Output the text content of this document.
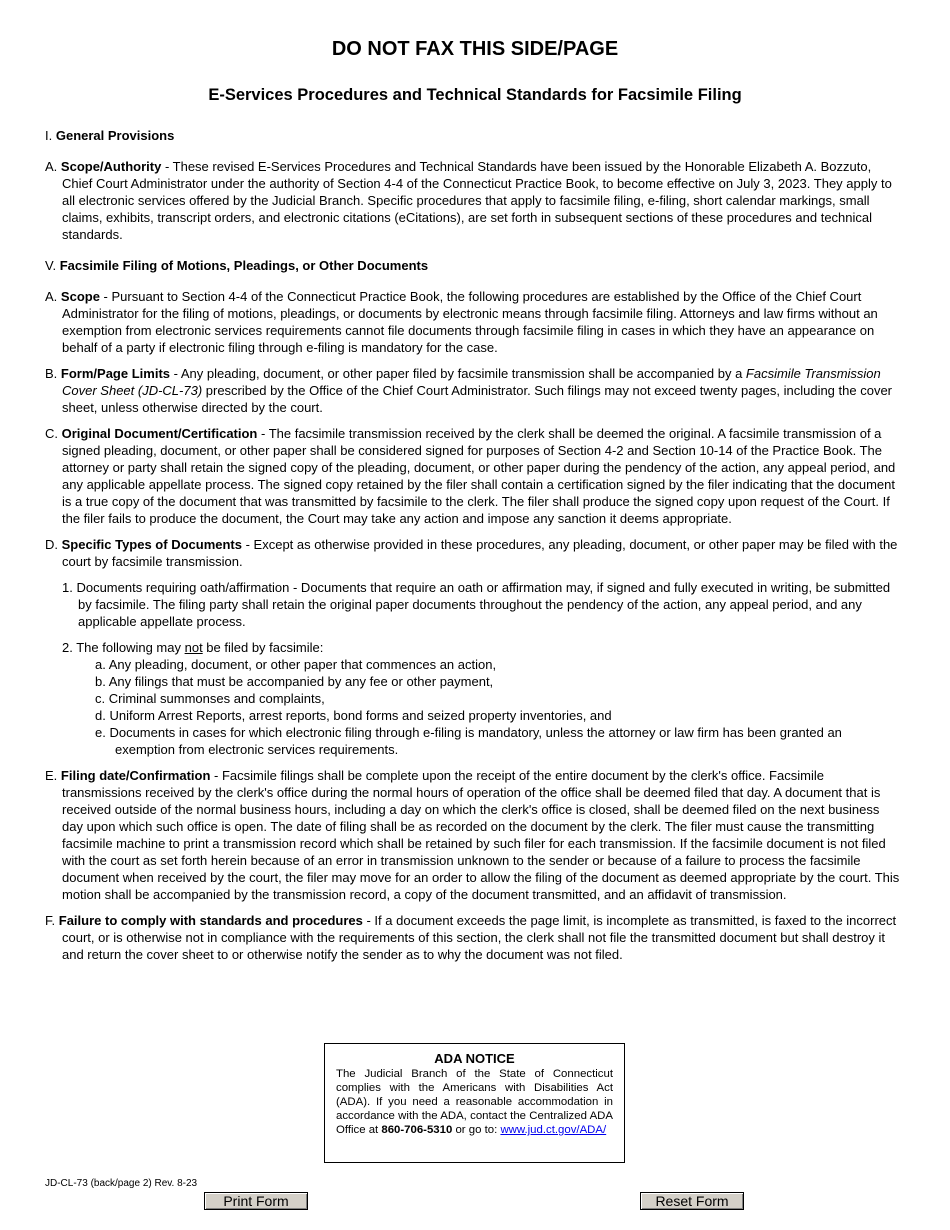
DO NOT FAX THIS SIDE/PAGE
E-Services Procedures and Technical Standards for Facsimile Filing
I. General Provisions
A. Scope/Authority - These revised E-Services Procedures and Technical Standards have been issued by the Honorable Elizabeth A. Bozzuto, Chief Court Administrator under the authority of Section 4-4 of the Connecticut Practice Book, to become effective on July 3, 2023. They apply to all electronic services offered by the Judicial Branch. Specific procedures that apply to facsimile filing, e-filing, short calendar markings, small claims, exhibits, transcript orders, and electronic citations (eCitations), are set forth in subsequent sections of these procedures and technical standards.
V. Facsimile Filing of Motions, Pleadings, or Other Documents
A. Scope - Pursuant to Section 4-4 of the Connecticut Practice Book, the following procedures are established by the Office of the Chief Court Administrator for the filing of motions, pleadings, or documents by electronic means through facsimile filing. Attorneys and law firms without an exemption from electronic services requirements cannot file documents through facsimile filing in cases in which they have an appearance on behalf of a party if electronic filing through e-filing is mandatory for the case.
B. Form/Page Limits - Any pleading, document, or other paper filed by facsimile transmission shall be accompanied by a Facsimile Transmission Cover Sheet (JD-CL-73) prescribed by the Office of the Chief Court Administrator. Such filings may not exceed twenty pages, including the cover sheet, unless otherwise directed by the court.
C. Original Document/Certification - The facsimile transmission received by the clerk shall be deemed the original. A facsimile transmission of a signed pleading, document, or other paper shall be considered signed for purposes of Section 4-2 and Section 10-14 of the Practice Book. The attorney or party shall retain the signed copy of the pleading, document, or other paper during the pendency of the action, any appeal period, and any applicable appellate process. The signed copy retained by the filer shall contain a certification signed by the filer indicating that the document is a true copy of the document that was transmitted by facsimile to the clerk. The filer shall produce the signed copy upon request of the Court. If the filer fails to produce the document, the Court may take any action and impose any sanction it deems appropriate.
D. Specific Types of Documents - Except as otherwise provided in these procedures, any pleading, document, or other paper may be filed with the court by facsimile transmission.
1. Documents requiring oath/affirmation - Documents that require an oath or affirmation may, if signed and fully executed in writing, be submitted by facsimile. The filing party shall retain the original paper documents throughout the pendency of the action, any appeal period, and any applicable appellate process.
2. The following may not be filed by facsimile:
a. Any pleading, document, or other paper that commences an action,
b. Any filings that must be accompanied by any fee or other payment,
c. Criminal summonses and complaints,
d. Uniform Arrest Reports, arrest reports, bond forms and seized property inventories, and
e. Documents in cases for which electronic filing through e-filing is mandatory, unless the attorney or law firm has been granted an exemption from electronic services requirements.
E. Filing date/Confirmation - Facsimile filings shall be complete upon the receipt of the entire document by the clerk's office. Facsimile transmissions received by the clerk's office during the normal hours of operation of the office shall be deemed filed that day. A document that is received outside of the normal business hours, including a day on which the clerk's office is closed, shall be deemed filed on the next business day upon which such office is open. The date of filing shall be as recorded on the document by the clerk. The filer must cause the transmitting facsimile machine to print a transmission record which shall be retained by such filer for each transmission. If the facsimile document is not filed with the court as set forth herein because of an error in transmission unknown to the sender or because of a failure to process the facsimile document when received by the court, the filer may move for an order to allow the filing of the document as deemed appropriate by the court. This motion shall be accompanied by the transmission record, a copy of the document transmitted, and an affidavit of transmission.
F. Failure to comply with standards and procedures - If a document exceeds the page limit, is incomplete as transmitted, is faxed to the incorrect court, or is otherwise not in compliance with the requirements of this section, the clerk shall not file the transmitted document but shall destroy it and return the cover sheet to or otherwise notify the sender as to why the document was not filed.
ADA NOTICE
The Judicial Branch of the State of Connecticut complies with the Americans with Disabilities Act (ADA). If you need a reasonable accommodation in accordance with the ADA, contact the Centralized ADA Office at 860-706-5310 or go to: www.jud.ct.gov/ADA/
JD-CL-73 (back/page 2) Rev. 8-23
Print Form	Reset Form
